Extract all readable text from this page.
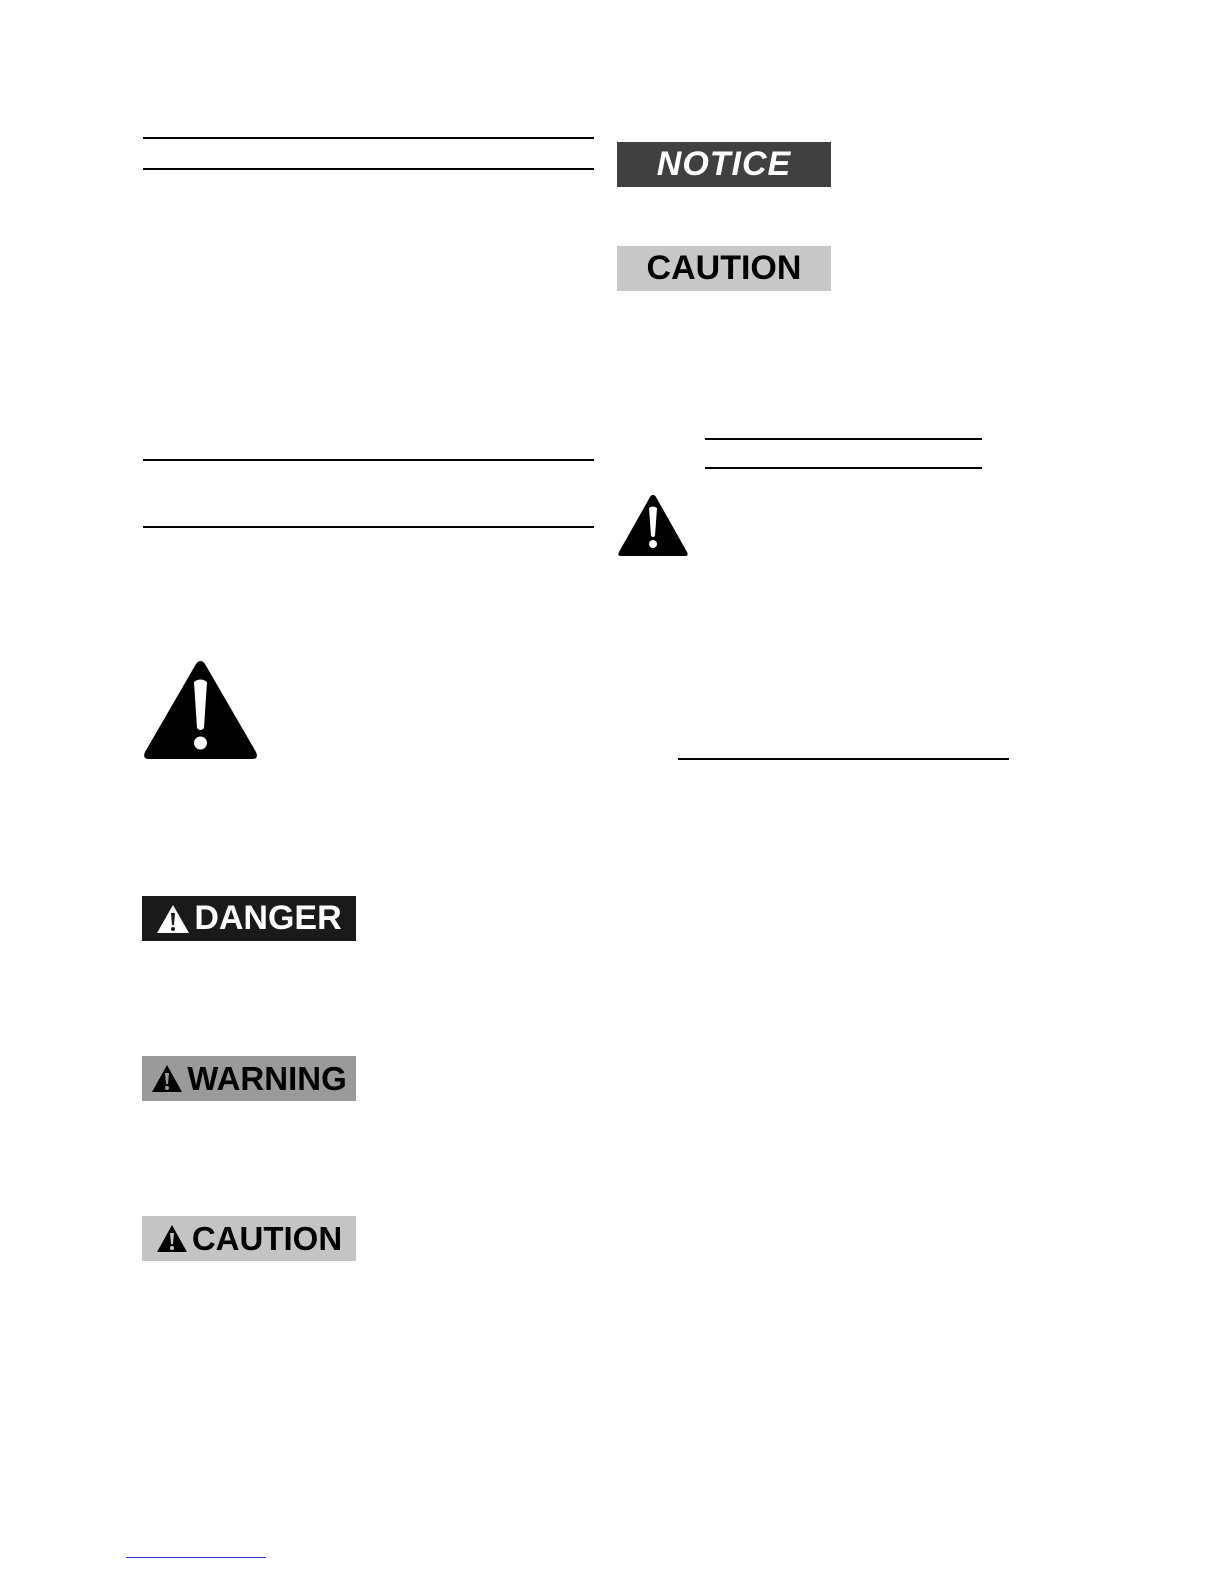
NOTICE
CAUTION
DANGER
WARNING
CAUTION
